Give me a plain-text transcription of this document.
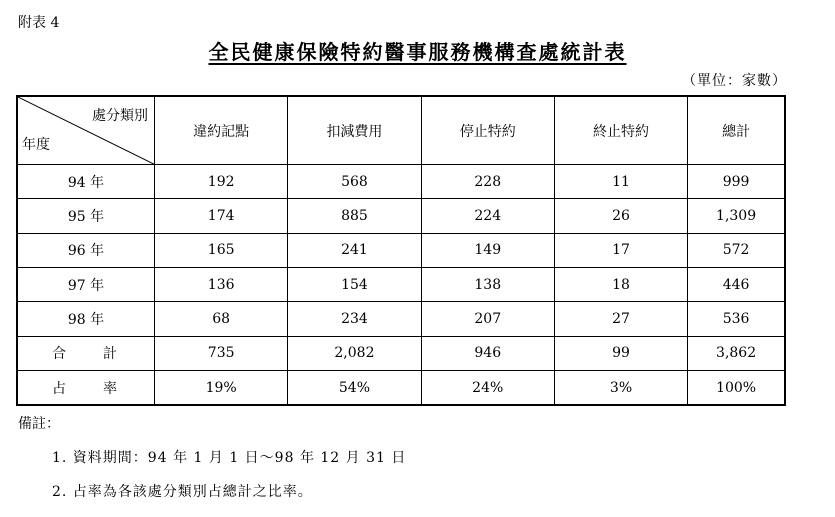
附表 4
全民健康保險特約醫事服務機構查處統計表
（單位：家數）
處分類別
年度	違約記點	扣減費用	停止特約	終止特約	總計
94 年	192	568	228	11	999
95 年	174	885	224	26	1,309
96 年	165	241	149	17	572
97 年	136	154	138	18	446
98 年	68	234	207	27	536
合　　計	735	2,082	946	99	3,862
占　　率	19%	54%	24%	3%	100%
備註：
1. 資料期間：94 年 1 月 1 日～98 年 12 月 31 日
2. 占率為各該處分類別占總計之比率。
